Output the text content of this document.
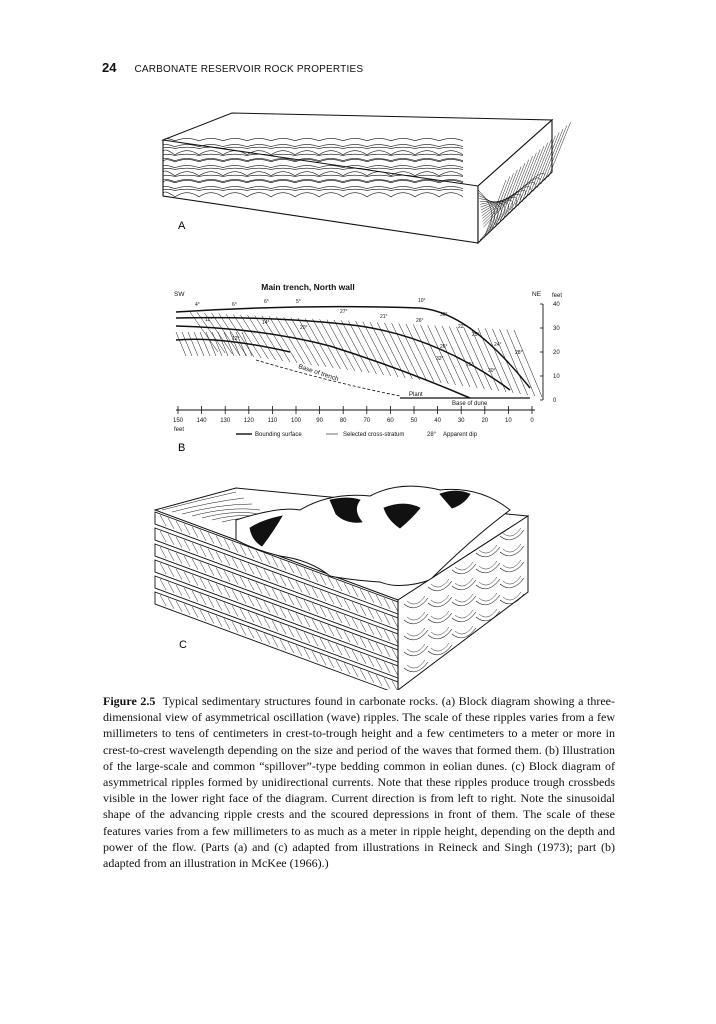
24 CARBONATE RESERVOIR ROCK PROPERTIES
A
40
30
20
10
0
150 140 130 120 110 100	90	80	70	60	50	40	30	20	10	0
4°	6°	6°	5°	10°
11°
12°
14°
20°
27°
21°
26°
30°
22°
25°
24°
28°
32°
30°
25°
26°
Main trench, North wall
SW	NE feet
feet
Base of trench
Plant
Base of dune
Bounding surface	Selected cross-stratum	28° Apparent dip
B
C
Figure 2.5 Typical sedimentary structures found in carbonate rocks. (a) Block diagram showing a three-dimensional view of asymmetrical oscillation (wave) ripples. The scale of these ripples varies from a few millimeters to tens of centimeters in crest-to-trough height and a few centimeters to a meter or more in crest-to-crest wavelength depending on the size and period of the waves that formed them. (b) Illustration of the large-scale and common “spillover”-type bedding common in eolian dunes. (c) Block diagram of asymmetrical ripples formed by unidirectional currents. Note that these ripples produce trough crossbeds visible in the lower right face of the diagram. Current direction is from left to right. Note the sinusoidal shape of the advancing ripple crests and the scoured depressions in front of them. The scale of these features varies from a few millimeters to as much as a meter in ripple height, depending on the depth and power of the flow. (Parts (a) and (c) adapted from illustrations in Reineck and Singh (1973); part (b) adapted from an illustration in McKee (1966).)
